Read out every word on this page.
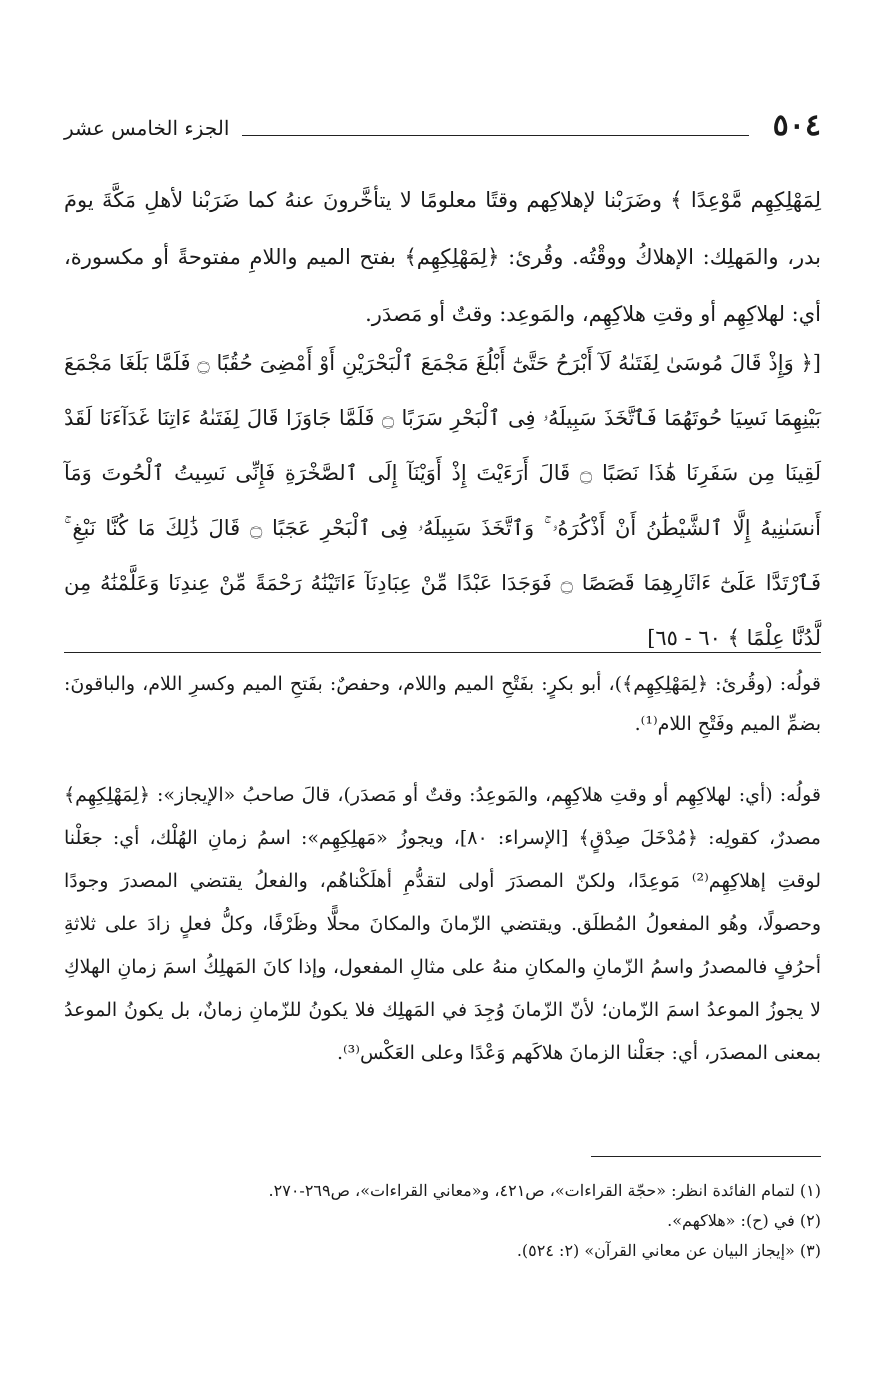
٥٠٤
الجزء الخامس عشر

لِمَهْلِكِهِم مَّوْعِدًا ﴾ وضَرَبْنا لإهلاكِهم وقتًا معلومًا لا يتأخَّرونَ عنهُ كما ضَرَبْنا لأهلِ مَكَّةَ يومَ بدر، والمَهلِك: الإهلاكُ ووقْتُه. وقُرئ: ﴿لِمَهْلِكِهِم﴾ بفتح الميم واللامِ مفتوحةً أو مكسورة، أي: لهلاكِهِم أو وقتِ هلاكِهِم، والمَوعِد: وقتٌ أو مَصدَر.

[﴿ وَإِذْ قَالَ مُوسَىٰ لِفَتَىٰهُ لَآ أَبْرَحُ حَتَّىٰٓ أَبْلُغَ مَجْمَعَ ٱلْبَحْرَيْنِ أَوْ أَمْضِىَ حُقُبًا ۝ فَلَمَّا بَلَغَا مَجْمَعَ بَيْنِهِمَا نَسِيَا حُوتَهُمَا فَٱتَّخَذَ سَبِيلَهُۥ فِى ٱلْبَحْرِ سَرَبًا ۝ فَلَمَّا جَاوَزَا قَالَ لِفَتَىٰهُ ءَاتِنَا غَدَآءَنَا لَقَدْ لَقِينَا مِن سَفَرِنَا هَٰذَا نَصَبًا ۝ قَالَ أَرَءَيْتَ إِذْ أَوَيْنَآ إِلَى ٱلصَّخْرَةِ فَإِنِّى نَسِيتُ ٱلْحُوتَ وَمَآ أَنسَىٰنِيهُ إِلَّا ٱلشَّيْطَٰنُ أَنْ أَذْكُرَهُۥ ۚ وَٱتَّخَذَ سَبِيلَهُۥ فِى ٱلْبَحْرِ عَجَبًا ۝ قَالَ ذَٰلِكَ مَا كُنَّا نَبْغِ ۚ فَٱرْتَدَّا عَلَىٰٓ ءَاثَارِهِمَا قَصَصًا ۝ فَوَجَدَا عَبْدًا مِّنْ عِبَادِنَآ ءَاتَيْنَٰهُ رَحْمَةً مِّنْ عِندِنَا وَعَلَّمْنَٰهُ مِن لَّدُنَّا عِلْمًا ﴾ ٦٠ - ٦٥]

قولُه: (وقُرئ: ﴿لِمَهْلِكِهِم﴾)، أبو بكرٍ: بفَتْحِ الميم واللام، وحفصٌ: بفَتحِ الميم وكسرِ اللام، والباقونَ: بضمِّ الميم وفَتْحِ اللام⁽¹⁾.

قولُه: (أي: لهلاكِهِم أو وقتِ هلاكِهِم، والمَوعِدُ: وقتٌ أو مَصدَر)، قالَ صاحبُ «الإيجاز»: ﴿لِمَهْلِكِهِم﴾ مصدرٌ، كقولِه: ﴿مُدْخَلَ صِدْقٍ﴾ [الإسراء: ٨٠]، ويجوزُ «مَهلِكِهِم»: اسمُ زمانِ الهُلْك، أي: جعَلْنا لوقتِ إهلاكِهِم⁽²⁾ مَوعِدًا، ولكنّ المصدَرَ أولى لتقدُّمِ أهلَكْناهُم، والفعلُ يقتضي المصدرَ وجودًا وحصولًا، وهُو المفعولُ المُطلَق. ويقتضي الزّمانَ والمكانَ محلًّا وظَرْفًا، وكلُّ فعلٍ زادَ على ثلاثةِ أحرُفٍ فالمصدرُ واسمُ الزّمانِ والمكانِ منهُ على مثالِ المفعول، وإذا كانَ المَهلِكُ اسمَ زمانِ الهلاكِ لا يجوزُ الموعدُ اسمَ الزّمان؛ لأنّ الزّمانَ وُجِدَ في المَهلِك فلا يكونُ للزّمانِ زمانٌ، بل يكونُ الموعدُ بمعنى المصدَر، أي: جعَلْنا الزمانَ هلاكَهم وَعْدًا وعلى العَكْس⁽³⁾.

(١) لتمام الفائدة انظر: «حجّة القراءات»، ص٤٢١، و«معاني القراءات»، ص٢٦٩-٢٧٠.
(٢) في (ح): «هلاكهم».
(٣) «إيجاز البيان عن معاني القرآن» (٢: ٥٢٤).
